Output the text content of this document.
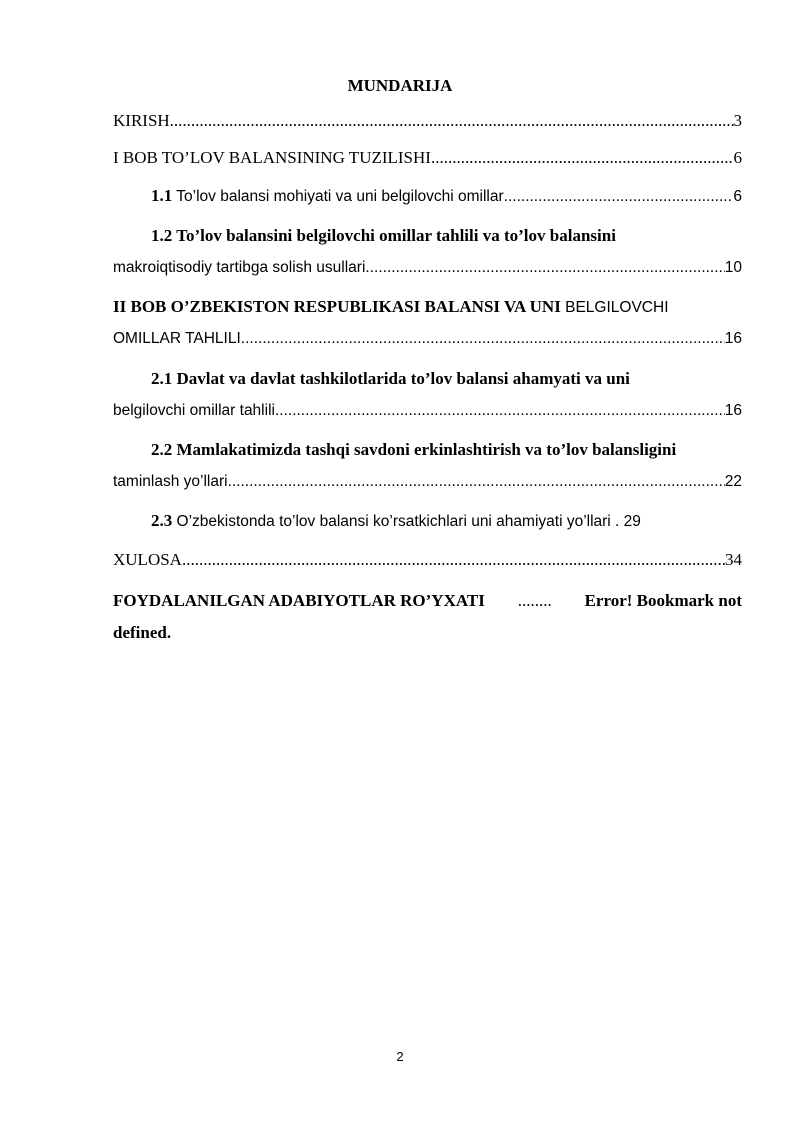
MUNDARIJA
KIRISH .....	3
I BOB TO’LOV BALANSINING TUZILISHI .....	6
1.1 To’lov balansi mohiyati va uni belgilovchi omillar .....	6
1.2 To’lov balansini belgilovchi omillar tahlili va to’lov balansini
makroiqtisodiy tartibga solish usullari .....	10
II BOB O’ZBEKISTON RESPUBLIKASI BALANSI VA UNI BELGILOVCHI
OMILLAR TAHLILI .....	16
2.1 Davlat va davlat tashkilotlarida to’lov balansi ahamyati va uni
belgilovchi omillar tahlili .....	16
2.2 Mamlakatimizda tashqi savdoni erkinlashtirish va to’lov balansligini
taminlash yo’llari .....	22
2.3 O’zbekistonda to’lov balansi ko’rsatkichlari uni ahamiyati yo’llari . 29
XULOSA .....	34
FOYDALANILGAN ADABIYOTLAR RO’YXATI ........ Error! Bookmark not
defined.
2
